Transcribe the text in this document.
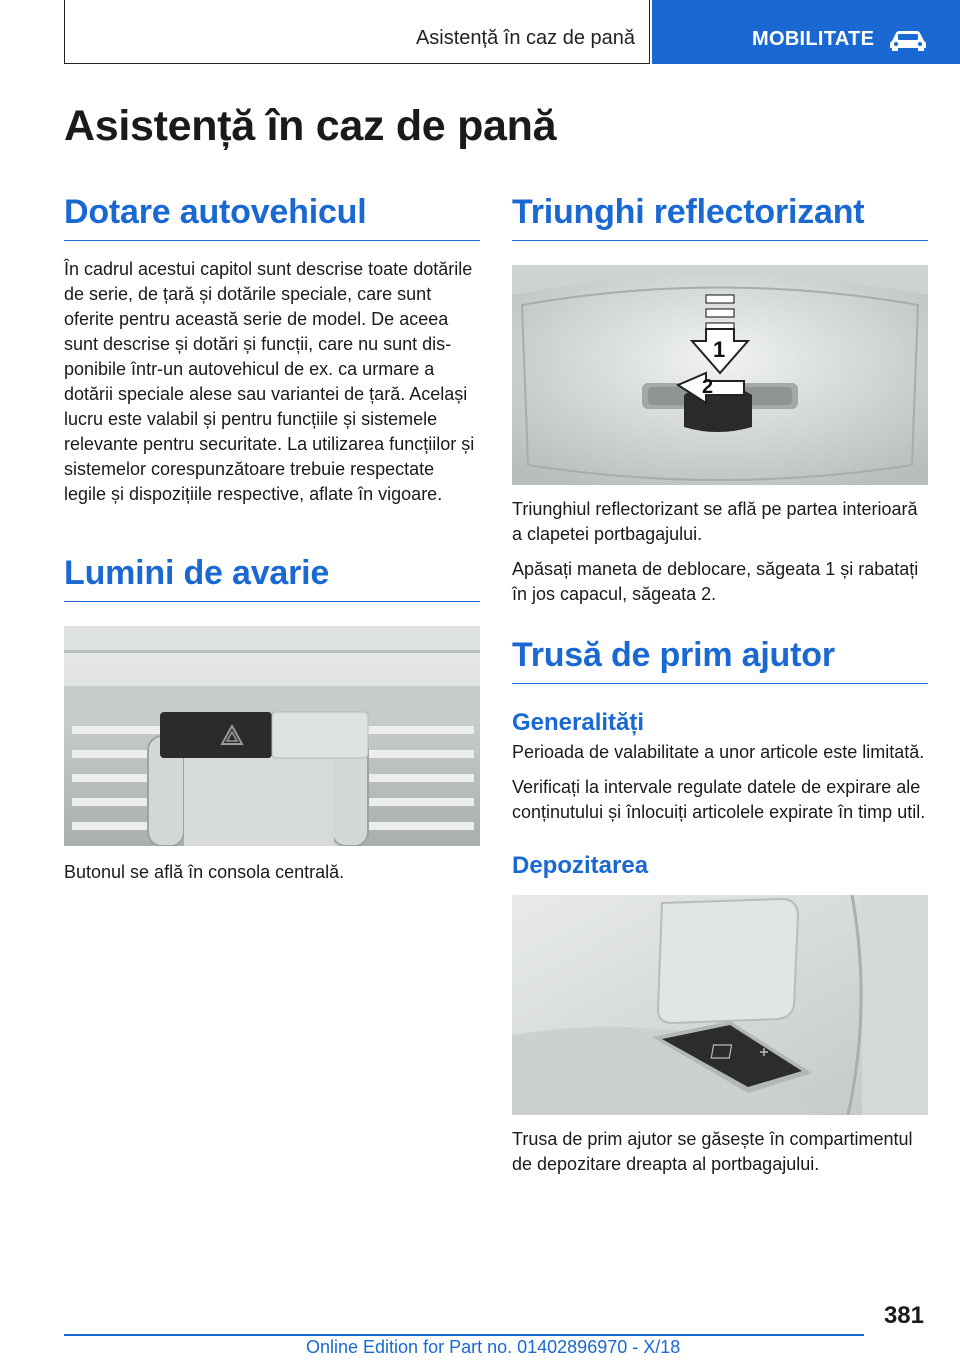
Asistență în caz de pană	MOBILITATE
Asistență în caz de pană
Dotare autovehicul

În cadrul acestui capitol sunt descrise toate dotările de serie, de țară și dotările speciale, care sunt oferite pentru această serie de model. De aceea sunt descrise și dotări și funcții, care nu sunt disponibile într-un autovehicul de ex. ca urmare a dotării speciale alese sau variantei de țară. Același lucru este valabil și pentru funcțiile și sistemele relevante pentru securitate. La utilizarea funcțiilor și sistemelor corespunzătoare trebuie respectate legile și dispozițiile respective, aflate în vigoare.

Lumini de avarie

Butonul se află în consola centrală.

Triunghi reflectorizant
1
2

Triunghiul reflectorizant se află pe partea interioară a clapetei portbagajului.

Apăsați maneta de deblocare, săgeata 1 și rabatați în jos capacul, săgeata 2.

Trusă de prim ajutor
Generalități

Perioada de valabilitate a unor articole este limitată.

Verificați la intervale regulate datele de expirare ale conținutului și înlocuiți articolele expirate în timp util.

Depozitarea

Trusa de prim ajutor se găsește în compartimentul de depozitare dreapta al portbagajului.

381
Online Edition for Part no. 01402896970 - X/18
